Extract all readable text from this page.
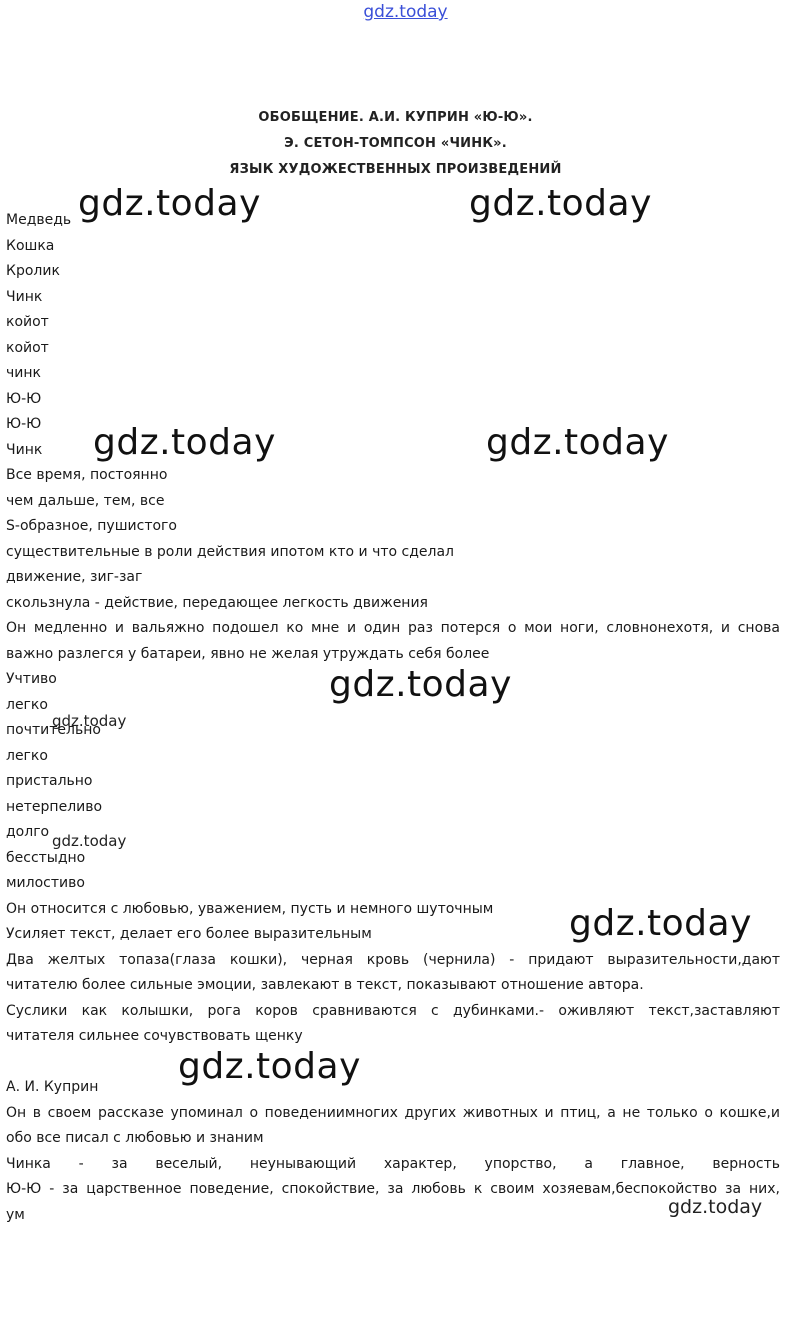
gdz.today
ОБОБЩЕНИЕ. А.И. КУПРИН «Ю-Ю».
Э. СЕТОН-ТОМПСОН «ЧИНК».
ЯЗЫК ХУДОЖЕСТВЕННЫХ ПРОИЗВЕДЕНИЙ
Медведь
Кошка
Кролик
Чинк
койот
койот
чинк
Ю-Ю
Ю-Ю
Чинк
Все время, постоянно
чем дальше, тем, все
S-образное, пушистого
существительные в роли действия ипотом кто и что сделал
движение, зиг-заг
скользнула - действие, передающее легкость движения
Он медленно и вальяжно подошел ко мне и один раз потерся о мои ноги, словнонехотя, и снова
важно разлегся у батареи, явно не желая утруждать себя более
Учтиво
легко
почтительно
легко
пристально
нетерпеливо
долго
бесстыдно
милостиво
Он относится с любовью, уважением, пусть и немного шуточным
Усиляет текст, делает его более выразительным
Два желтых топаза(глаза кошки), черная кровь (чернила) - придают выразительности,дают
читателю более сильные эмоции, завлекают в текст, показывают отношение автора.
Суслики как колышки, рога коров сравниваются с дубинками.- оживляют текст,заставляют
читателя сильнее сочувствовать щенку
А. И. Куприн
Он в своем рассказе упоминал о поведениимногих других животных и птиц, а не только о кошке,и
обо все писал с любовью и знаним
Чинка - за веселый, неунывающий характер, упорство, а главное, верность
Ю-Ю - за царственное поведение, спокойствие, за любовь к своим хозяевам,беспокойство за них,
ум
gdz.today	gdz.today
gdz.today	gdz.today
gdz.today
gdz.today
gdz.today
gdz.today
gdz.today
gdz.today
